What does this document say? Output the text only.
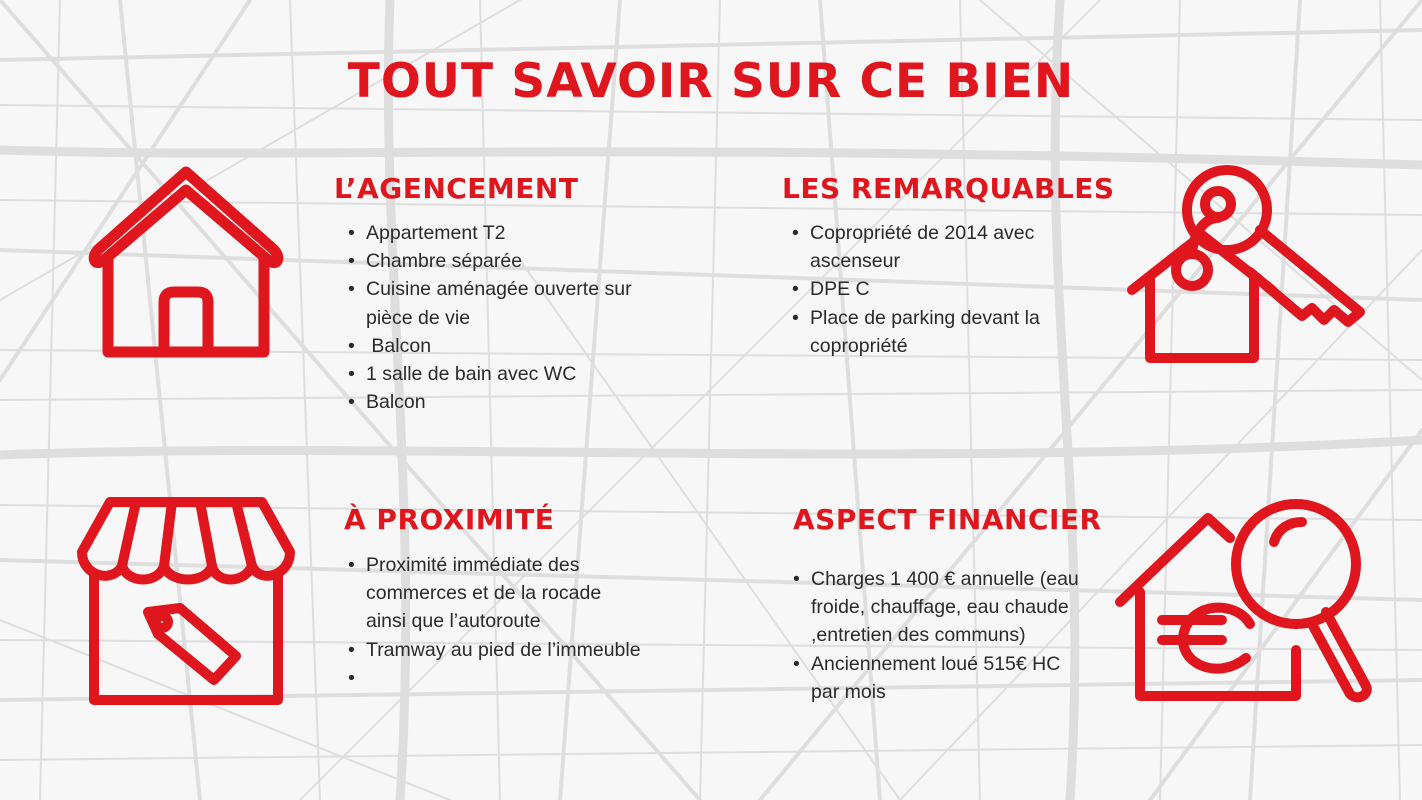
TOUT SAVOIR SUR CE BIEN
L’AGENCEMENT
• Appartement T2
• Chambre séparée
• Cuisine aménagée ouverte sur pièce de vie
•  Balcon
• 1 salle de bain avec WC
• Balcon
LES REMARQUABLES
• Copropriété de 2014 avec ascenseur
• DPE C
• Place de parking devant la copropriété
À PROXIMITÉ
• Proximité immédiate des commerces et de la rocade ainsi que l’autoroute
• Tramway au pied de l’immeuble
•
ASPECT FINANCIER
• Charges 1 400 € annuelle (eau froide, chauffage, eau chaude ,entretien des communs)
• Anciennement loué 515€ HC par mois
